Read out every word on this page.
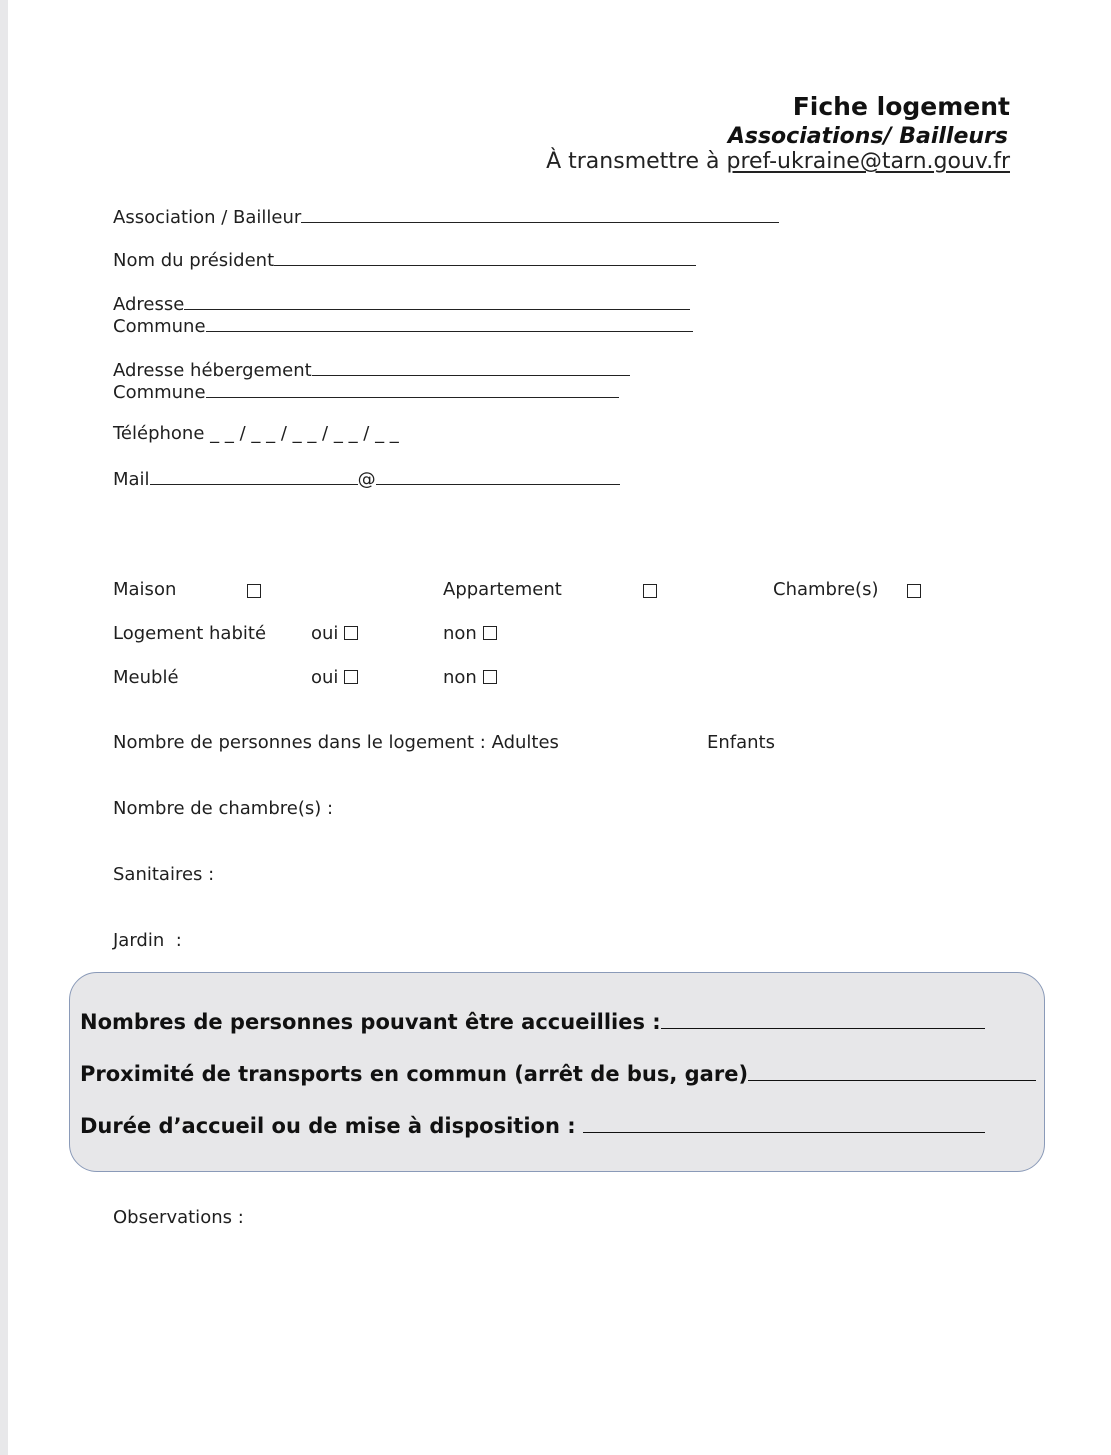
Fiche logement
Associations/ Bailleurs
À transmettre à pref-ukraine@tarn.gouv.fr
Association / Bailleur
Nom du président
Adresse
Commune
Adresse hébergement
Commune
Téléphone _ _ / _ _ / _ _ / _ _ / _ _
Mail	@
Maison	Appartement	Chambre(s)
Logement habité oui	non
Meublé	oui	non
Nombre de personnes dans le logement : Adultes	Enfants
Nombre de chambre(s) :
Sanitaires :
Jardin  :
Nombres de personnes pouvant être accueillies :
Proximité de transports en commun (arrêt de bus, gare)
Durée d’accueil ou de mise à disposition :
Observations :
